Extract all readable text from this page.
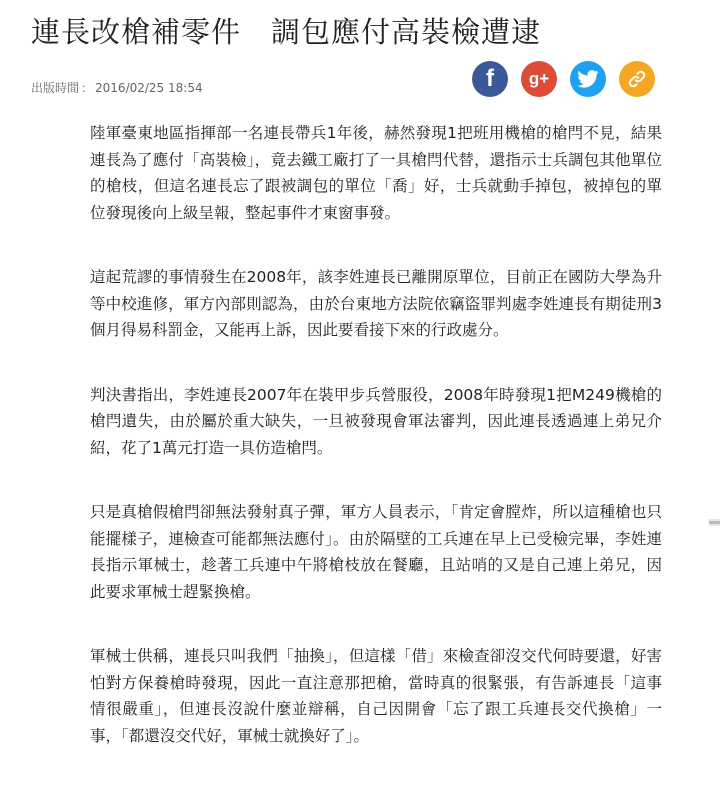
連長改槍補零件　調包應付高裝檢遭逮
出版時間 ： 2016/02/25 18:54	f g+

陸軍臺東地區指揮部一名連長帶兵1年後，赫然發現1把班用機槍的槍閂不見，結果連長為了應付「高裝檢」，竟去鐵工廠打了一具槍閂代替，還指示士兵調包其他單位的槍枝，但這名連長忘了跟被調包的單位「喬」好，士兵就動手掉包，被掉包的單位發現後向上級呈報，整起事件才東窗事發。

這起荒謬的事情發生在2008年，該李姓連長已離開原單位，目前正在國防大學為升等中校進修，軍方內部則認為，由於台東地方法院依竊盜罪判處李姓連長有期徒刑3個月得易科罰金，又能再上訴，因此要看接下來的行政處分。

判決書指出，李姓連長2007年在裝甲步兵營服役，2008年時發現1把M249機槍的槍閂遺失，由於屬於重大缺失，一旦被發現會軍法審判，因此連長透過連上弟兄介紹，花了1萬元打造一具仿造槍閂。

只是真槍假槍閂卻無法發射真子彈，軍方人員表示，「肯定會膛炸，所以這種槍也只能擺樣子，連檢查可能都無法應付」。由於隔壁的工兵連在早上已受檢完畢，李姓連長指示軍械士，趁著工兵連中午將槍枝放在餐廳，且站哨的又是自己連上弟兄，因此要求軍械士趕緊換槍。

軍械士供稱，連長只叫我們「抽換」，但這樣「借」來檢查卻沒交代何時要還，好害怕對方保養槍時發現，因此一直注意那把槍，當時真的很緊張，有告訴連長「這事情很嚴重」，但連長沒說什麼並辯稱，自己因開會「忘了跟工兵連長交代換槍」一事，「都還沒交代好，軍械士就換好了」。
